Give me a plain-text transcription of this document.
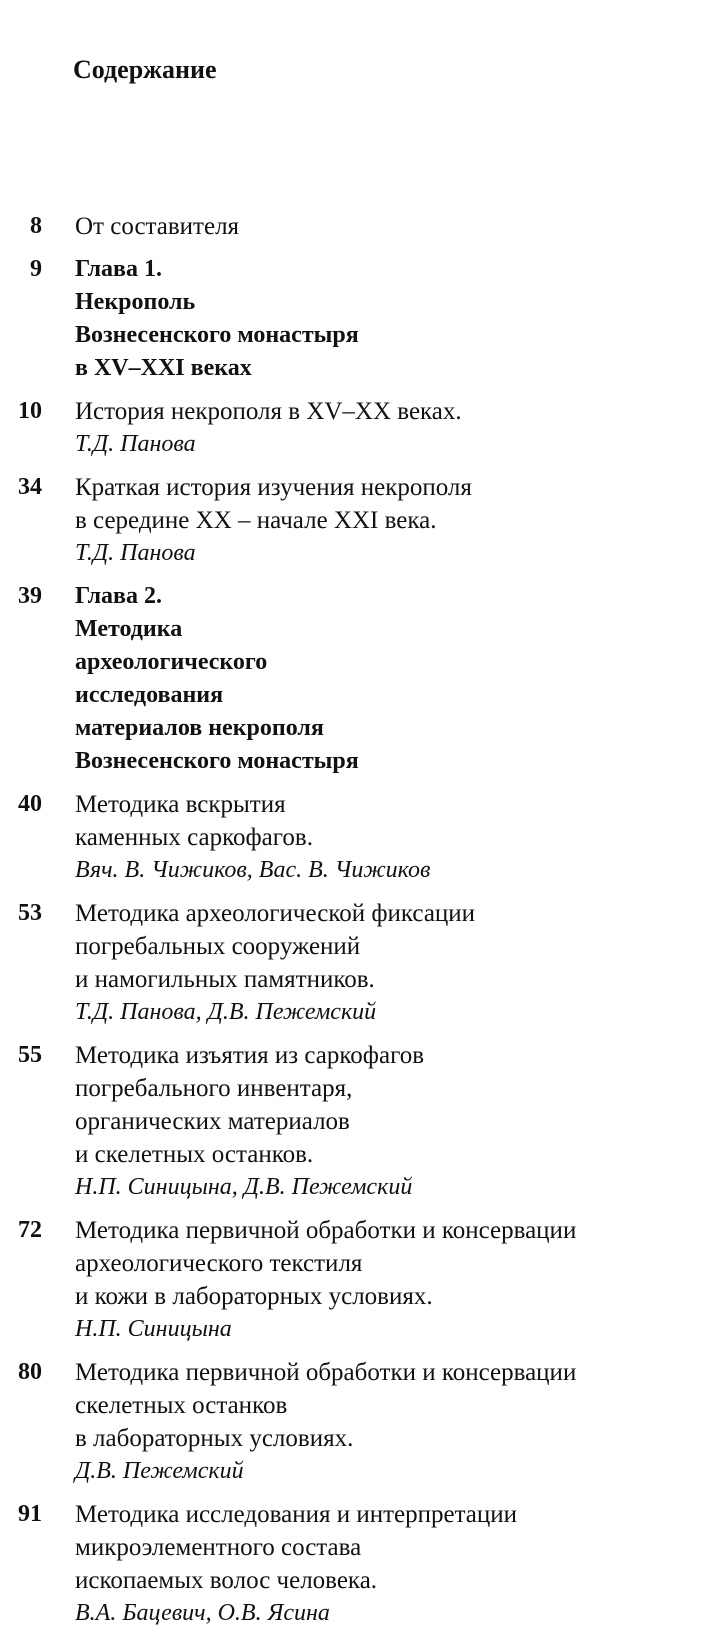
Содержание
8 От составителя
9 Глава 1.
Некрополь
Вознесенского монастыря
в XV–XXI веках
10 История некрополя в XV–XX веках.
Т.Д. Панова
34 Краткая история изучения некрополя
в середине XX – начале XXI века.
Т.Д. Панова
39 Глава 2.
Методика
археологического
исследования
материалов некрополя
Вознесенского монастыря
40 Методика вскрытия
каменных саркофагов.
Вяч. В. Чижиков, Вас. В. Чижиков
53 Методика археологической фиксации
погребальных сооружений
и намогильных памятников.
Т.Д. Панова, Д.В. Пежемский
55 Методика изъятия из саркофагов
погребального инвентаря,
органических материалов
и скелетных останков.
Н.П. Синицына, Д.В. Пежемский
72 Методика первичной обработки и консервации
археологического текстиля
и кожи в лабораторных условиях.
Н.П. Синицына
80 Методика первичной обработки и консервации
скелетных останков
в лабораторных условиях.
Д.В. Пежемский
91 Методика исследования и интерпретации
микроэлементного состава
ископаемых волос человека.
В.А. Бацевич, О.В. Ясина
